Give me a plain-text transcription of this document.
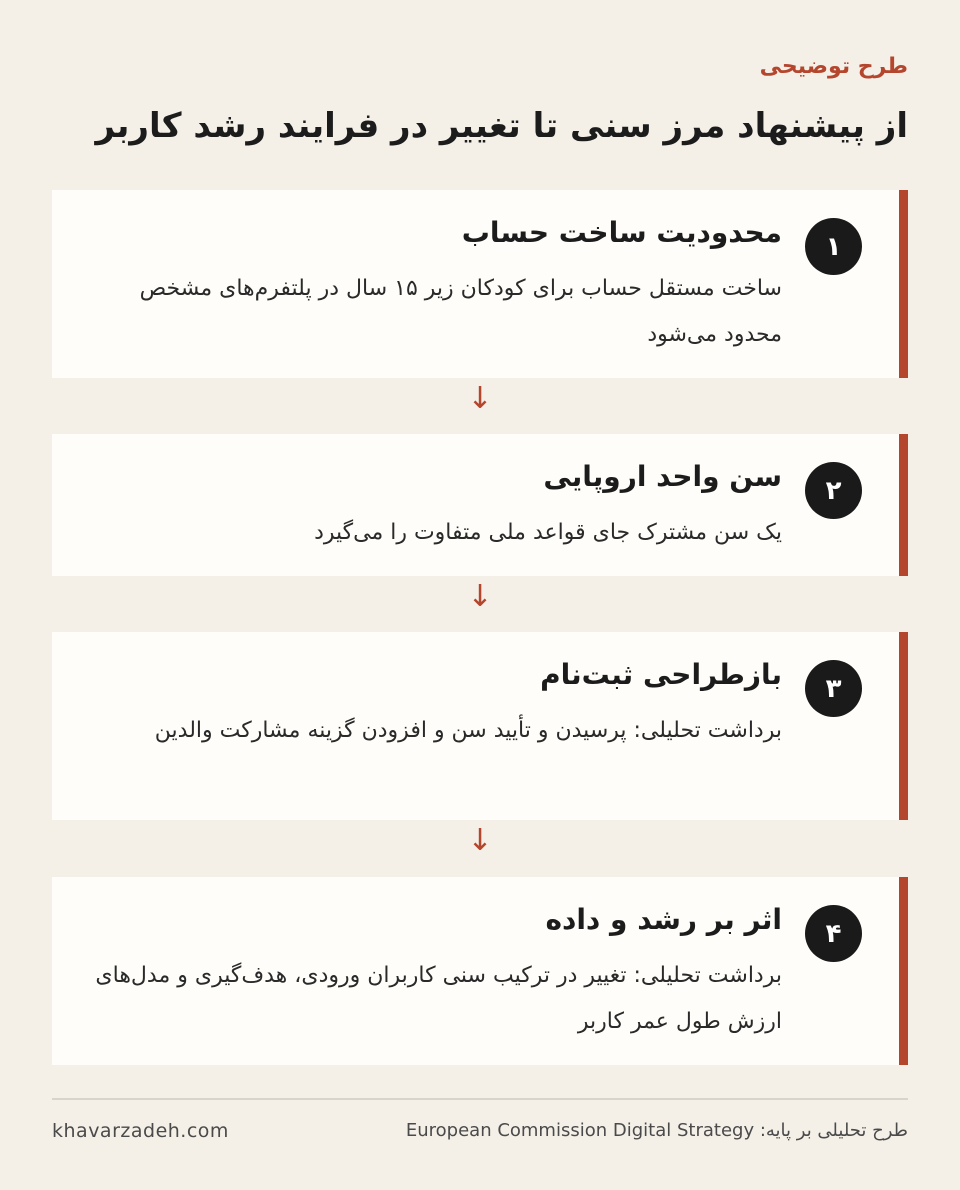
طرح توضیحی
از پیشنهاد مرز سنی تا تغییر در فرایند رشد کاربر
۱
محدودیت ساخت حساب
ساخت مستقل حساب برای کودکان زیر ۱۵ سال در پلتفرم‌های مشخص محدود می‌شود
↓
۲
سن واحد اروپایی
یک سن مشترک جای قواعد ملی متفاوت را می‌گیرد
↓
۳
بازطراحی ثبت‌نام
برداشت تحلیلی: پرسیدن و تأیید سن و افزودن گزینه مشارکت والدین
↓
۴
اثر بر رشد و داده
برداشت تحلیلی: تغییر در ترکیب سنی کاربران ورودی، هدف‌گیری و مدل‌های ارزش طول عمر کاربر
طرح تحلیلی بر پایه: European Commission Digital Strategy
khavarzadeh.com
